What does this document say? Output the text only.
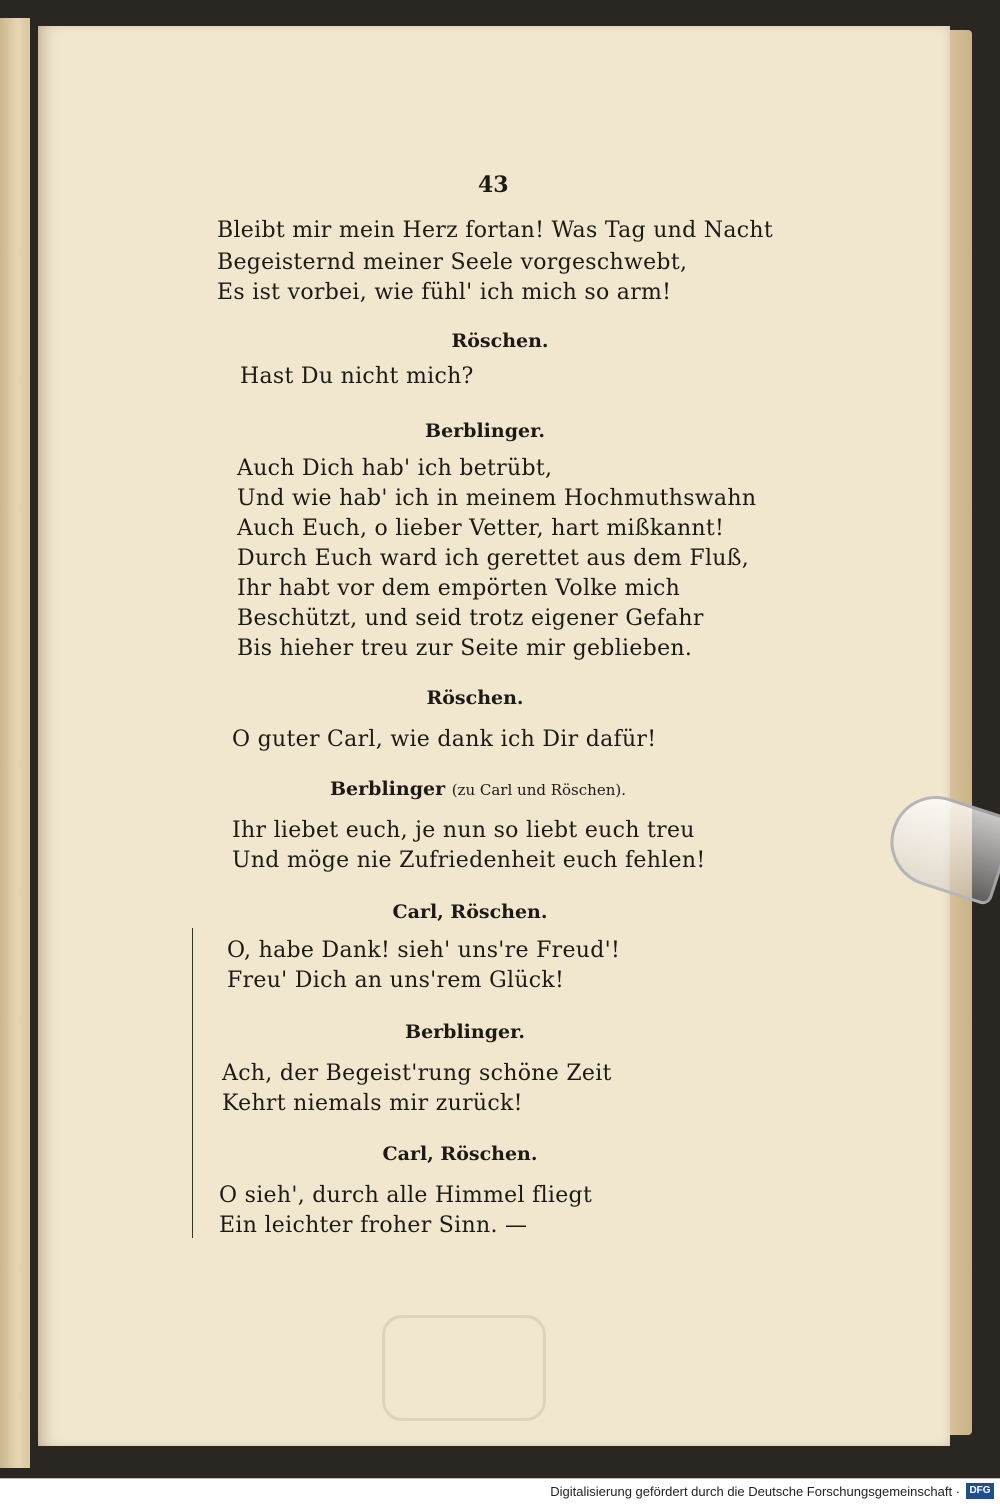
43
Bleibt mir mein Herz fortan! Was Tag und Nacht
Begeisternd meiner Seele vorgeschwebt,
Es ist vorbei, wie fühl' ich mich so arm!
Röschen.
Hast Du nicht mich?
Berblinger.
Auch Dich hab' ich betrübt,
Und wie hab' ich in meinem Hochmuthswahn
Auch Euch, o lieber Vetter, hart mißkannt!
Durch Euch ward ich gerettet aus dem Fluß,
Ihr habt vor dem empörten Volke mich
Beschützt, und seid trotz eigener Gefahr
Bis hieher treu zur Seite mir geblieben.
Röschen.
O guter Carl, wie dank ich Dir dafür!
Berblinger (zu Carl und Röschen).
Ihr liebet euch, je nun so liebt euch treu
Und möge nie Zufriedenheit euch fehlen!
Carl, Röschen.
O, habe Dank! sieh' uns're Freud'!
Freu' Dich an uns'rem Glück!
Berblinger.
Ach, der Begeist'rung schöne Zeit
Kehrt niemals mir zurück!
Carl, Röschen.
O sieh', durch alle Himmel fliegt
Ein leichter froher Sinn. —
Digitalisierung gefördert durch die Deutsche Forschungsgemeinschaft · DFG
